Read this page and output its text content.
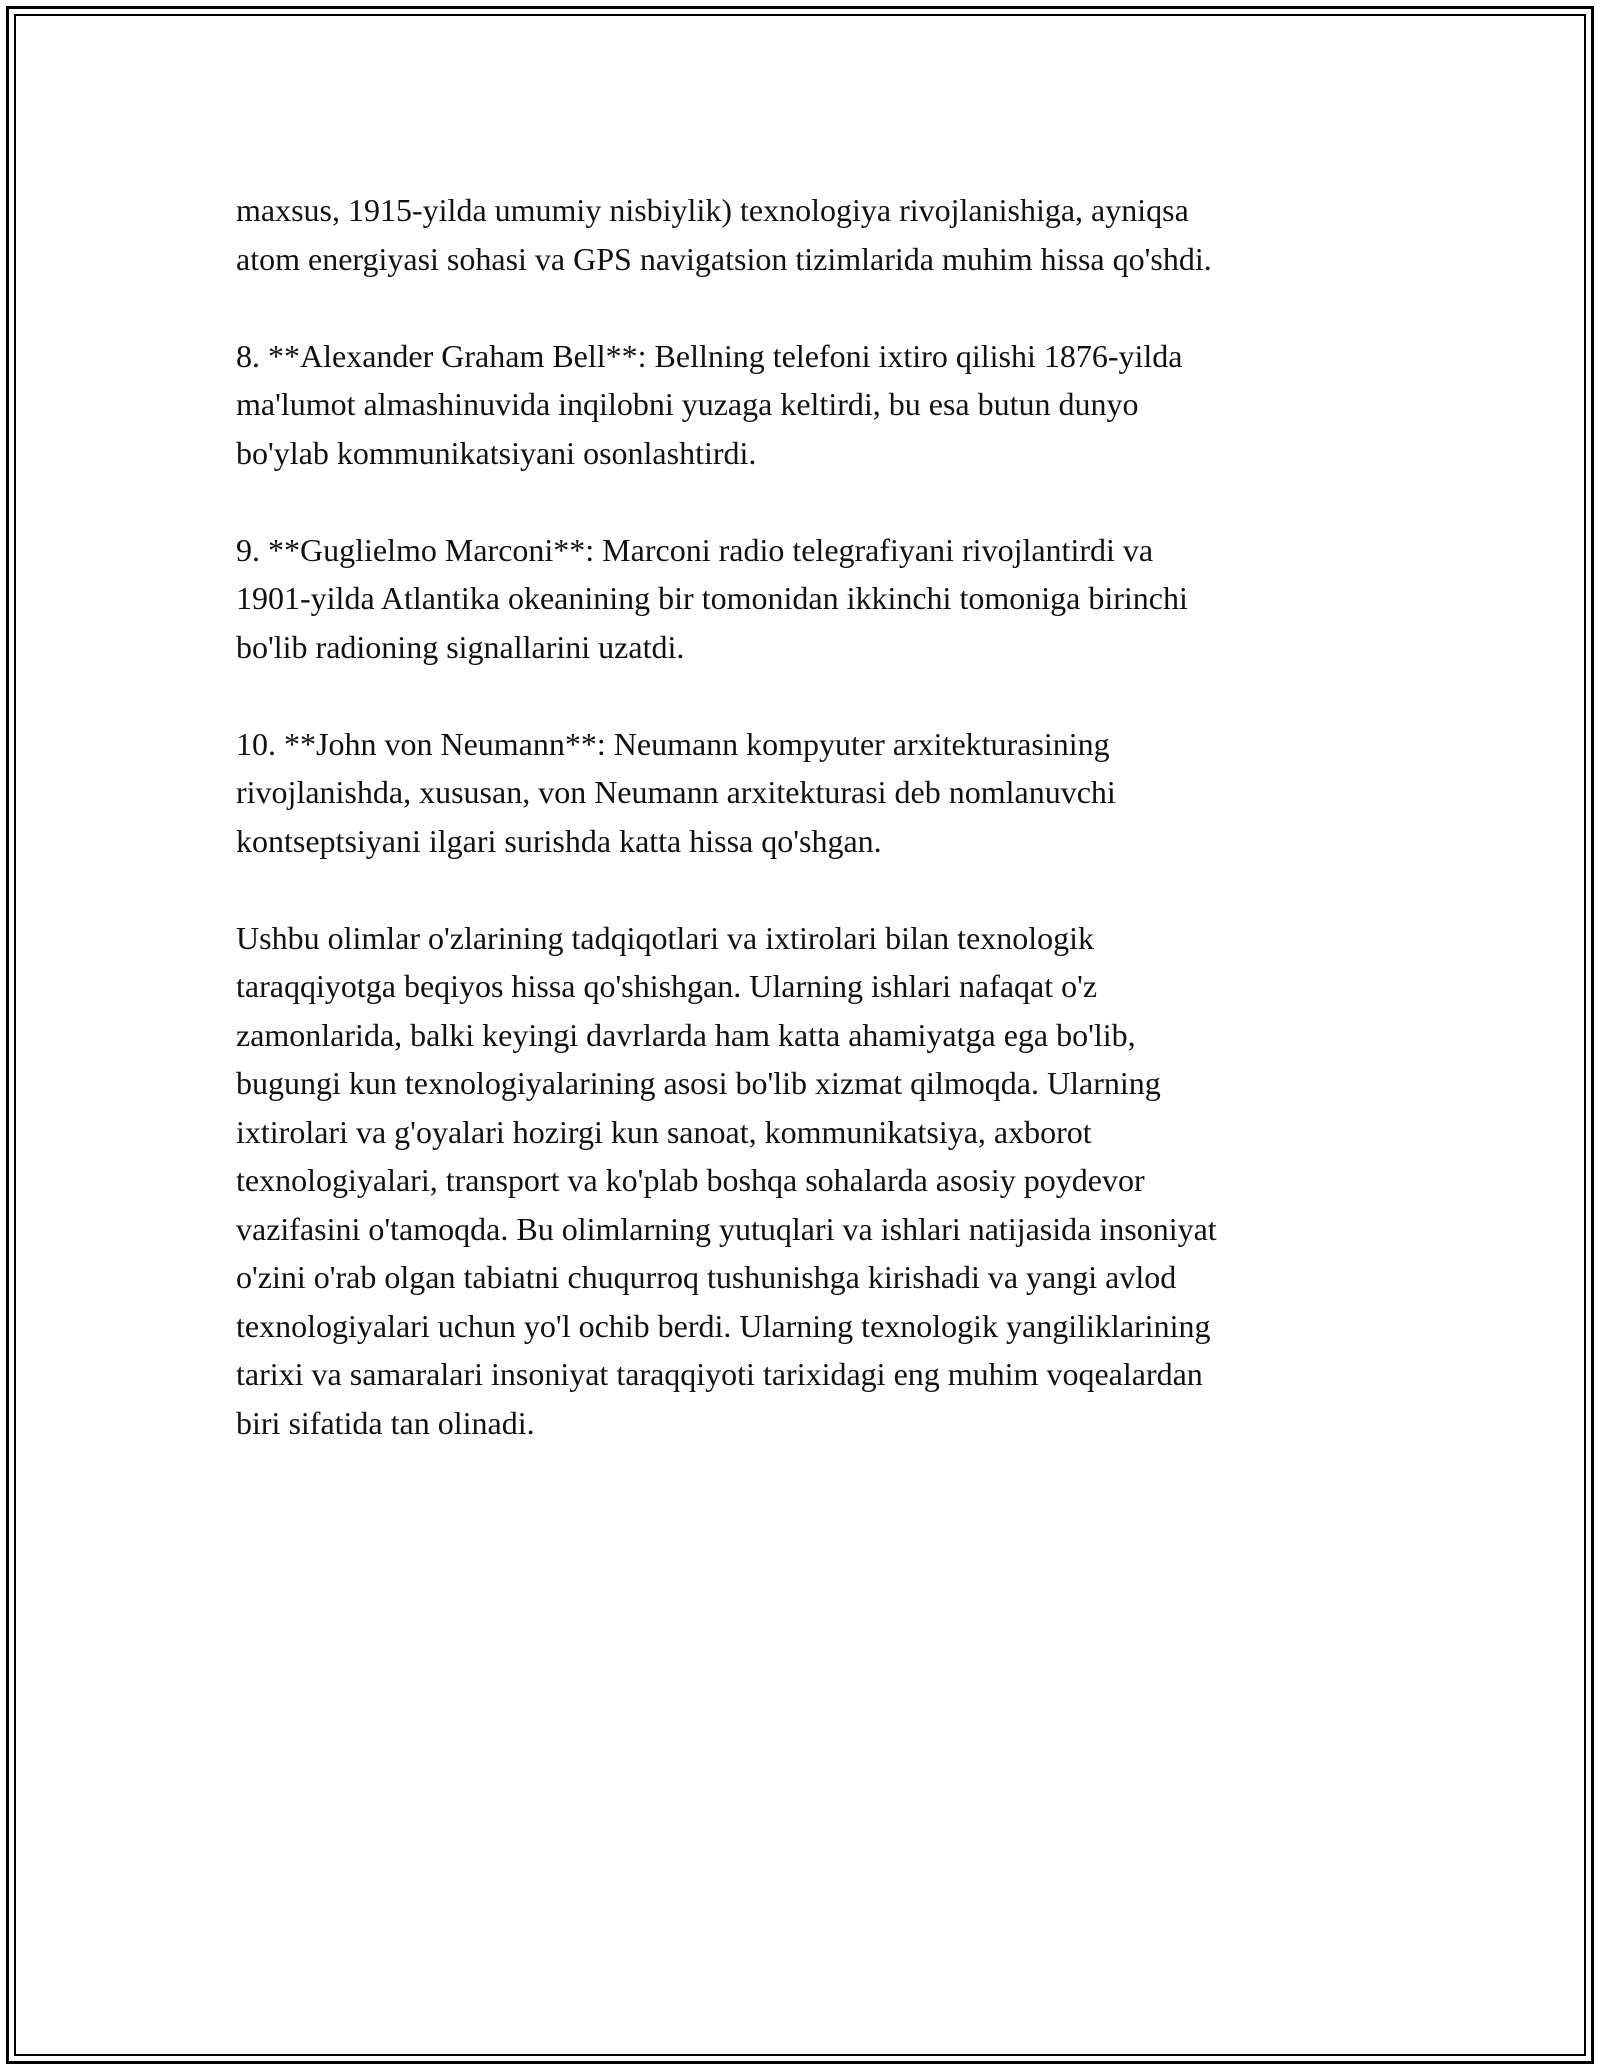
maxsus, 1915-yilda umumiy nisbiylik) texnologiya rivojlanishiga, ayniqsa
atom energiyasi sohasi va GPS navigatsion tizimlarida muhim hissa qo'shdi.

8. **Alexander Graham Bell**: Bellning telefoni ixtiro qilishi 1876-yilda
ma'lumot almashinuvida inqilobni yuzaga keltirdi, bu esa butun dunyo
bo'ylab kommunikatsiyani osonlashtirdi.

9. **Guglielmo Marconi**: Marconi radio telegrafiyani rivojlantirdi va
1901-yilda Atlantika okeanining bir tomonidan ikkinchi tomoniga birinchi
bo'lib radioning signallarini uzatdi.

10. **John von Neumann**: Neumann kompyuter arxitekturasining
rivojlanishda, xususan, von Neumann arxitekturasi deb nomlanuvchi
kontseptsiyani ilgari surishda katta hissa qo'shgan.

Ushbu olimlar o'zlarining tadqiqotlari va ixtirolari bilan texnologik
taraqqiyotga beqiyos hissa qo'shishgan. Ularning ishlari nafaqat o'z
zamonlarida, balki keyingi davrlarda ham katta ahamiyatga ega bo'lib,
bugungi kun texnologiyalarining asosi bo'lib xizmat qilmoqda. Ularning
ixtirolari va g'oyalari hozirgi kun sanoat, kommunikatsiya, axborot
texnologiyalari, transport va ko'plab boshqa sohalarda asosiy poydevor
vazifasini o'tamoqda. Bu olimlarning yutuqlari va ishlari natijasida insoniyat
o'zini o'rab olgan tabiatni chuqurroq tushunishga kirishadi va yangi avlod
texnologiyalari uchun yo'l ochib berdi. Ularning texnologik yangiliklarining
tarixi va samaralari insoniyat taraqqiyoti tarixidagi eng muhim voqealardan
biri sifatida tan olinadi.
